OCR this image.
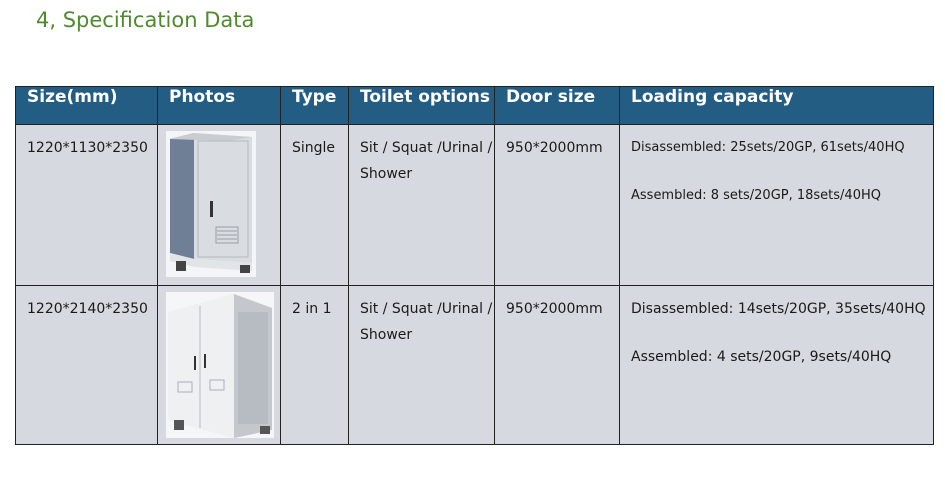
4, Specification Data
Size(mm)	Photos	Type	Toilet options	Door size	Loading capacity
1220*1130*2350		Single	Sit / Squat /Urinal / Shower	950*2000mm	Disassembled: 25sets/20GP, 61sets/40HQ
Assembled: 8 sets/20GP, 18sets/40HQ

1220*2140*2350		2 in 1	Sit / Squat /Urinal / Shower	950*2000mm	Disassembled: 14sets/20GP, 35sets/40HQ
Assembled: 4 sets/20GP, 9sets/40HQ
